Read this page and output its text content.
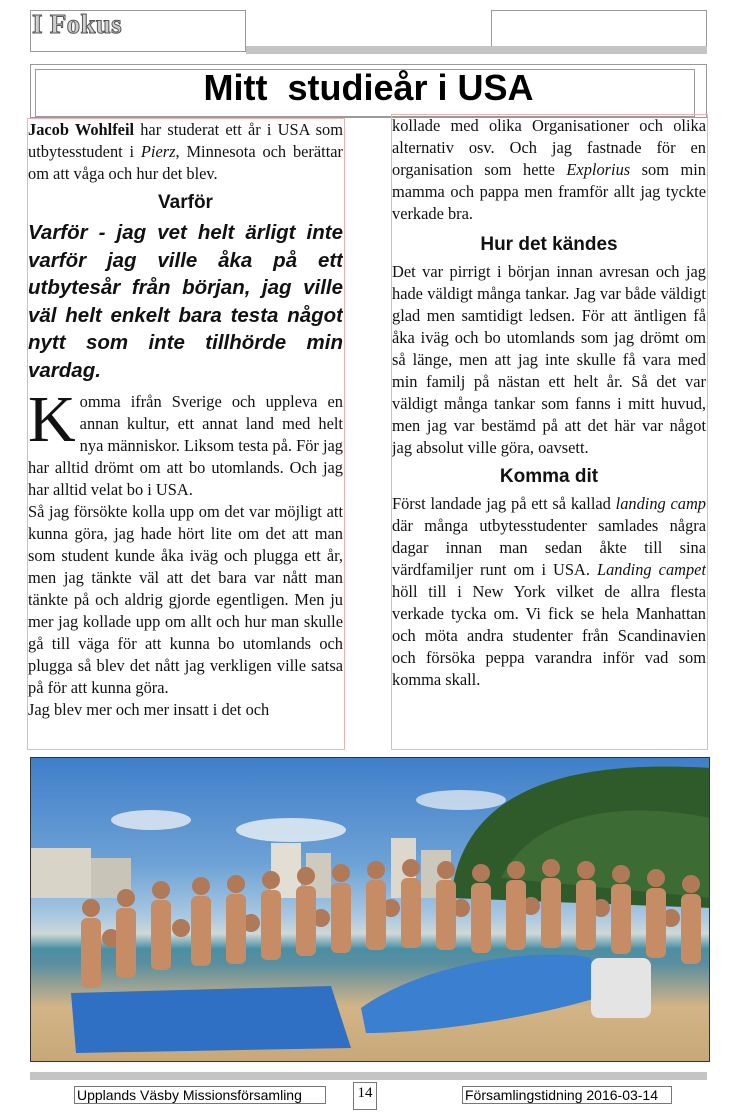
I Fokus
Mitt  studieår i USA

Jacob Wohlfeil har studerat ett år i USA som utbytesstudent i Pierz, Minnesota och berättar om att våga och hur det blev.

Varför
Varför - jag vet helt ärligt inte varför jag ville åka på ett utbytesår från början, jag ville väl helt enkelt bara testa något nytt som inte tillhörde min vardag.

Komma ifrån Sverige och uppleva en annan kultur, ett annat land med helt nya människor. Liksom testa på. För jag har alltid drömt om att bo utomlands. Och jag har alltid velat bo i USA.

Så jag försökte kolla upp om det var möjligt att kunna göra, jag hade hört lite om det att man som student kunde åka iväg och plugga ett år, men jag tänkte väl att det bara var nått man tänkte på och aldrig gjorde egentligen. Men ju mer jag kollade upp om allt och hur man skulle gå till väga för att kunna bo utomlands och plugga så blev det nått jag verkligen ville satsa på för att kunna göra.

Jag blev mer och mer insatt i det och

kollade med olika Organisationer och olika alternativ osv. Och jag fastnade för en organisation som hette Explorius som min mamma och pappa men framför allt jag tyckte verkade bra.

Hur det kändes

Det var pirrigt i början innan avresan och jag hade väldigt många tankar. Jag var både väldigt glad men samtidigt ledsen. För att äntligen få åka iväg och bo utomlands som jag drömt om så länge, men att jag inte skulle få vara med min familj på nästan ett helt år. Så det var väldigt många tankar som fanns i mitt huvud, men jag var bestämd på att det här var något jag absolut ville göra, oavsett.

Komma dit

Först landade jag på ett så kallad landing camp där många utbytesstudenter samlades några dagar innan man sedan åkte till sina värdfamiljer runt om i USA. Landing campet höll till i New York vilket de allra flesta verkade tycka om. Vi fick se hela Manhattan och möta andra studenter från Scandinavien och försöka peppa varandra inför vad som komma skall.

Upplands Väsby Missionsförsamling	14	Församlingstidning 2016-03-14
